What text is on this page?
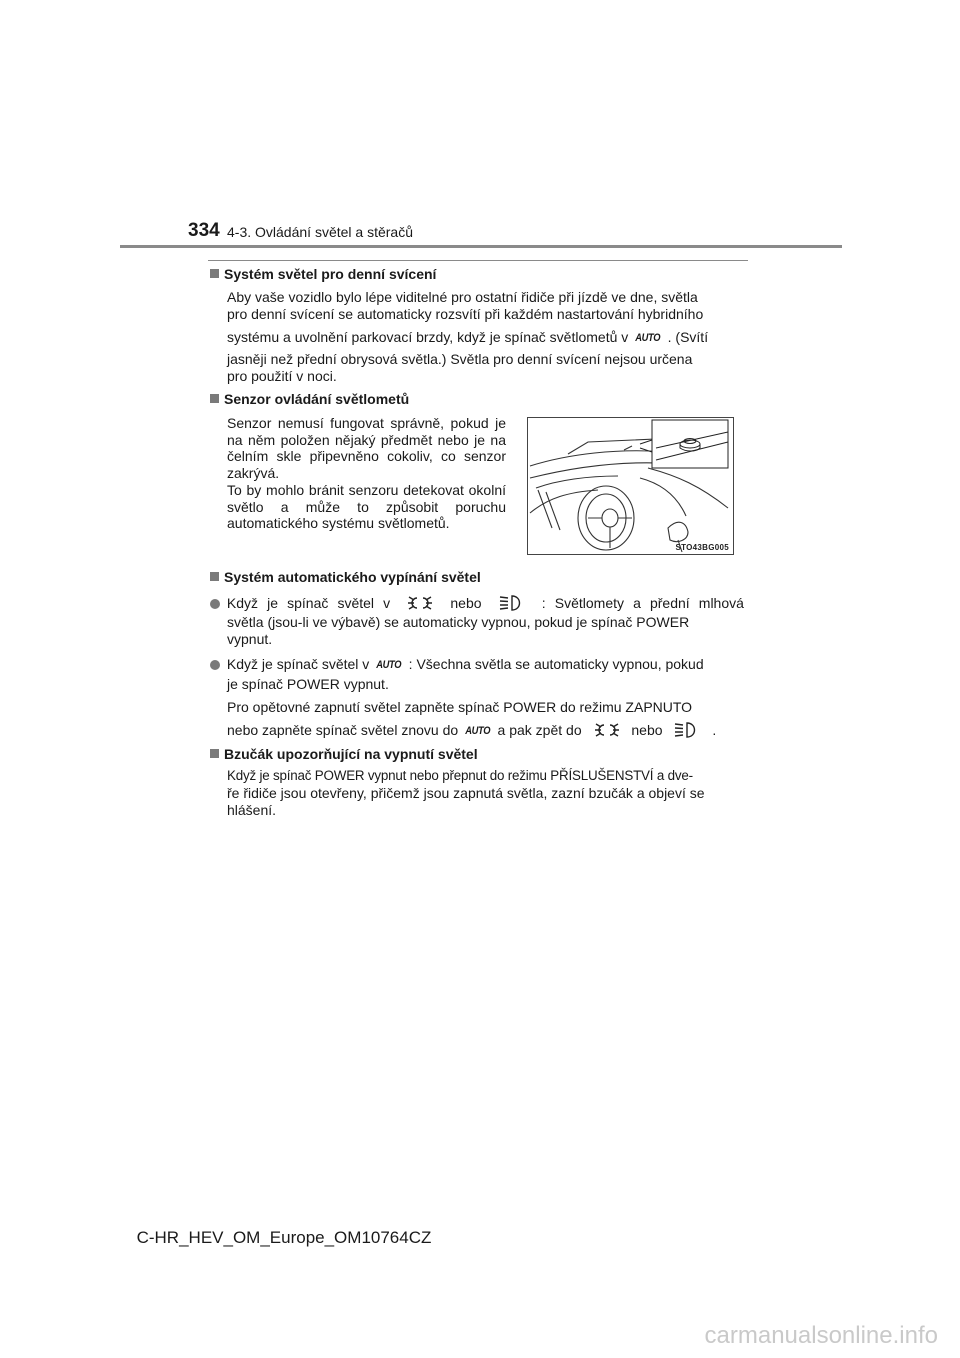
334 4-3. Ovládání světel a stěračů
Systém světel pro denní svícení
Aby vaše vozidlo bylo lépe viditelné pro ostatní řidiče při jízdě ve dne, světla
pro denní svícení se automaticky rozsvítí při každém nastartování hybridního
systému a uvolnění parkovací brzdy, když je spínač světlometů v AUTO . (Svítí
jasněji než přední obrysová světla.) Světla pro denní svícení nejsou určena
pro použití v noci.
Senzor ovládání světlometů
Senzor nemusí fungovat správně, pokud je na něm položen nějaký předmět nebo je na čelním skle připevněno cokoliv, co senzor zakrývá.
To by mohlo bránit senzoru detekovat okolní světlo a může to způsobit poruchu automatického systému světlometů.
STO43BG005
Systém automatického vypínání světel
Když je spínač světel v	nebo	: Světlomety a přední mlhová
světla (jsou-li ve výbavě) se automaticky vypnou, pokud je spínač POWER
vypnut.
Když je spínač světel v AUTO : Všechna světla se automaticky vypnou, pokud
je spínač POWER vypnut.
Pro opětovné zapnutí světel zapněte spínač POWER do režimu ZAPNUTO
nebo zapněte spínač světel znovu do AUTO a pak zpět do	nebo	.
Bzučák upozorňující na vypnutí světel
Když je spínač POWER vypnut nebo přepnut do režimu PŘÍSLUŠENSTVÍ a dve-
ře řidiče jsou otevřeny, přičemž jsou zapnutá světla, zazní bzučák a objeví se
hlášení.
C-HR_HEV_OM_Europe_OM10764CZ
carmanualsonline.info
